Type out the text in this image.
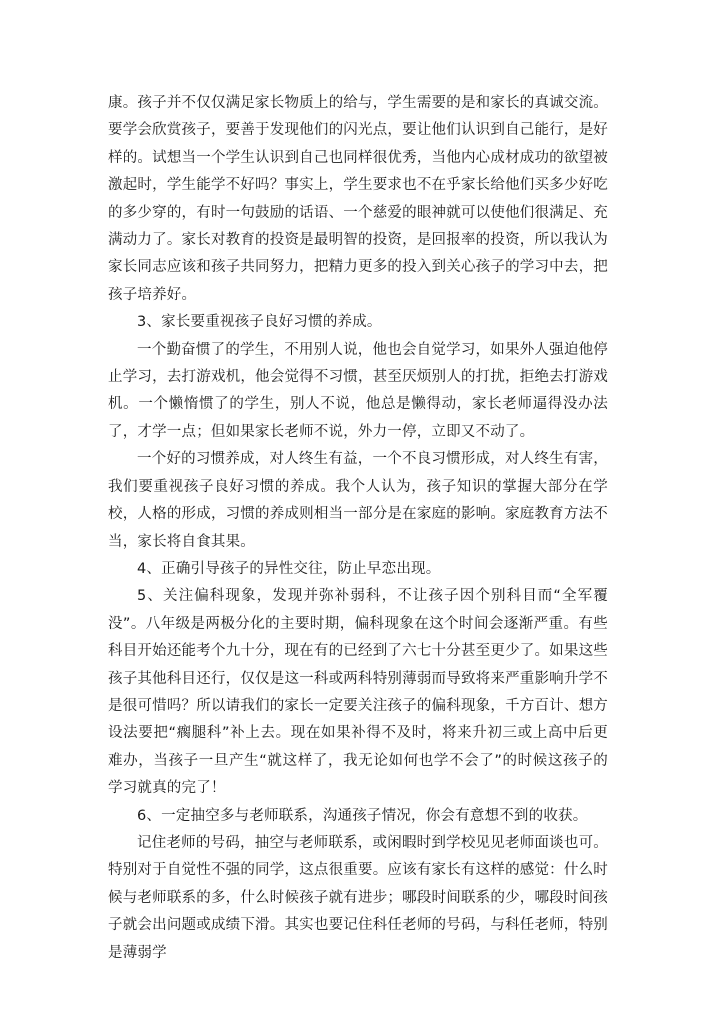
康。孩子并不仅仅满足家长物质上的给与，学生需要的是和家长的真诚交流。要学会欣赏孩子，要善于发现他们的闪光点，要让他们认识到自己能行，是好样的。试想当一个学生认识到自己也同样很优秀，当他内心成材成功的欲望被激起时，学生能学不好吗？事实上，学生要求也不在乎家长给他们买多少好吃的多少穿的，有时一句鼓励的话语、一个慈爱的眼神就可以使他们很满足、充满动力了。家长对教育的投资是最明智的投资，是回报率的投资，所以我认为家长同志应该和孩子共同努力，把精力更多的投入到关心孩子的学习中去，把孩子培养好。

3、家长要重视孩子良好习惯的养成。

一个勤奋惯了的学生，不用别人说，他也会自觉学习，如果外人强迫他停止学习，去打游戏机，他会觉得不习惯，甚至厌烦别人的打扰，拒绝去打游戏机。一个懒惰惯了的学生，别人不说，他总是懒得动，家长老师逼得没办法了，才学一点；但如果家长老师不说，外力一停，立即又不动了。

一个好的习惯养成，对人终生有益，一个不良习惯形成，对人终生有害，我们要重视孩子良好习惯的养成。我个人认为，孩子知识的掌握大部分在学校，人格的形成，习惯的养成则相当一部分是在家庭的影响。家庭教育方法不当，家长将自食其果。

4、正确引导孩子的异性交往，防止早恋出现。

5、关注偏科现象，发现并弥补弱科，不让孩子因个别科目而“全军覆没”。八年级是两极分化的主要时期，偏科现象在这个时间会逐渐严重。有些科目开始还能考个九十分，现在有的已经到了六七十分甚至更少了。如果这些孩子其他科目还行，仅仅是这一科或两科特别薄弱而导致将来严重影响升学不是很可惜吗？所以请我们的家长一定要关注孩子的偏科现象，千方百计、想方设法要把“瘸腿科”补上去。现在如果补得不及时，将来升初三或上高中后更难办，当孩子一旦产生“就这样了，我无论如何也学不会了”的时候这孩子的学习就真的完了！

6、一定抽空多与老师联系，沟通孩子情况，你会有意想不到的收获。

记住老师的号码，抽空与老师联系，或闲暇时到学校见见老师面谈也可。特别对于自觉性不强的同学，这点很重要。应该有家长有这样的感觉：什么时候与老师联系的多，什么时候孩子就有进步；哪段时间联系的少，哪段时间孩子就会出问题或成绩下滑。其实也要记住科任老师的号码，与科任老师，特别是薄弱学
